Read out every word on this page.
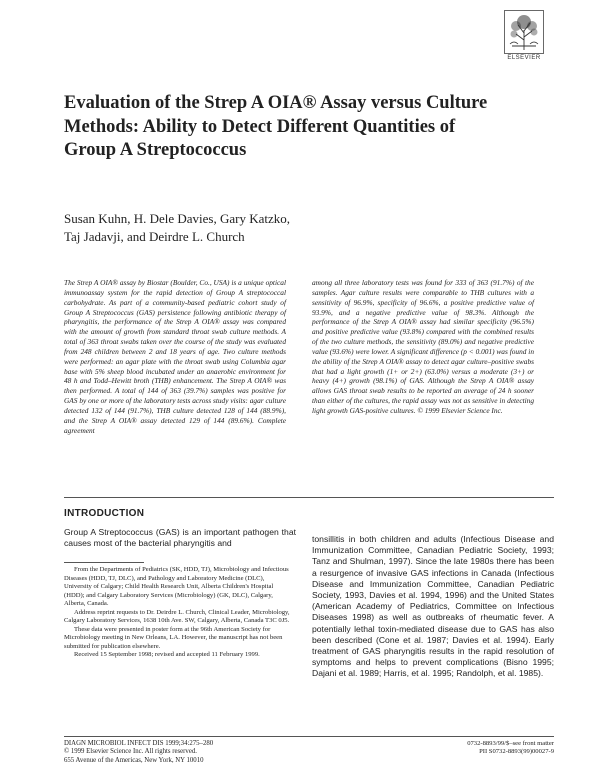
ELSEVIER
Evaluation of the Strep A OIA® Assay versus Culture Methods: Ability to Detect Different Quantities of Group A Streptococcus
Susan Kuhn, H. Dele Davies, Gary Katzko,
Taj Jadavji, and Deirdre L. Church

The Strep A OIA® assay by Biostar (Boulder, Co., USA) is a unique optical immunoassay system for the rapid detection of Group A streptococcal carbohydrate. As part of a community-based pediatric cohort study of Group A Streptococcus (GAS) persistence following antibiotic therapy of pharyngitis, the performance of the Strep A OIA® assay was compared with the amount of growth from standard throat swab culture methods. A total of 363 throat swabs taken over the course of the study was evaluated from 248 children between 2 and 18 years of age. Two culture methods were performed: an agar plate with the throat swab using Columbia agar base with 5% sheep blood incubated under an anaerobic environment for 48 h and Todd–Hewitt broth (THB) enhancement. The Strep A OIA® was then performed. A total of 144 of 363 (39.7%) samples was positive for GAS by one or more of the laboratory tests across study visits: agar culture detected 132 of 144 (91.7%), THB culture detected 128 of 144 (88.9%), and the Strep A OIA® assay detected 129 of 144 (89.6%). Complete agreement

among all three laboratory tests was found for 333 of 363 (91.7%) of the samples. Agar culture results were comparable to THB cultures with a sensitivity of 96.9%, specificity of 96.6%, a positive predictive value of 93.9%, and a negative predictive value of 98.3%. Although the performance of the Strep A OIA® assay had similar specificity (96.5%) and positive predictive value (93.8%) compared with the combined results of the two culture methods, the sensitivity (89.0%) and negative predictive value (93.6%) were lower. A significant difference (p < 0.001) was found in the ability of the Strep A OIA® assay to detect agar culture–positive swabs that had a light growth (1+ or 2+) (63.0%) versus a moderate (3+) or heavy (4+) growth (98.1%) of GAS. Although the Strep A OIA® assay allows GAS throat swab results to be reported an average of 24 h sooner than either of the cultures, the rapid assay was not as sensitive in detecting light growth GAS-positive cultures. © 1999 Elsevier Science Inc.

INTRODUCTION

Group A Streptococcus (GAS) is an important pathogen that causes most of the bacterial pharyngitis and	tonsillitis in both children and adults (Infectious Disease and Immunization Committee, Canadian Pediatric Society, 1993; Tanz and Shulman, 1997). Since the late 1980s there has been a resurgence of invasive GAS infections in Canada (Infectious Disease and Immunization Committee, Canadian Pediatric Society, 1993, Davies et al. 1994, 1996) and the United States (American Academy of Pediatrics, Committee on Infectious Diseases 1998) as well as outbreaks of rheumatic fever. A potentially lethal toxin-mediated disease due to GAS has also been described (Cone et al. 1987; Davies et al. 1994). Early treatment of GAS pharyngitis results in the rapid resolution of symptoms and helps to prevent complications (Bisno 1995; Dajani et al. 1989; Harris, et al. 1995; Randolph, et al. 1985).

From the Departments of Pediatrics (SK, HDD, TJ), Microbiology and Infectious Diseases (HDD, TJ, DLC), and Pathology and Laboratory Medicine (DLC), University of Calgary; Child Health Research Unit, Alberta Children's Hospital (HDD); and Calgary Laboratory Services (Microbiology) (GK, DLC), Calgary, Alberta, Canada.

Address reprint requests to Dr. Deirdre L. Church, Clinical Leader, Microbiology, Calgary Laboratory Services, 1638 10th Ave. SW, Calgary, Alberta, Canada T3C 0J5.

These data were presented in poster form at the 96th American Society for Microbiology meeting in New Orleans, LA. However, the manuscript has not been submitted for publication elsewhere.

Received 15 September 1998; revised and accepted 11 February 1999.

DIAGN MICROBIOL INFECT DIS 1999;34:275–280
© 1999 Elsevier Science Inc. All rights reserved.
655 Avenue of the Americas, New York, NY 10010
0732-8893/99/$–see front matter
PII S0732-8893(99)00027-9
